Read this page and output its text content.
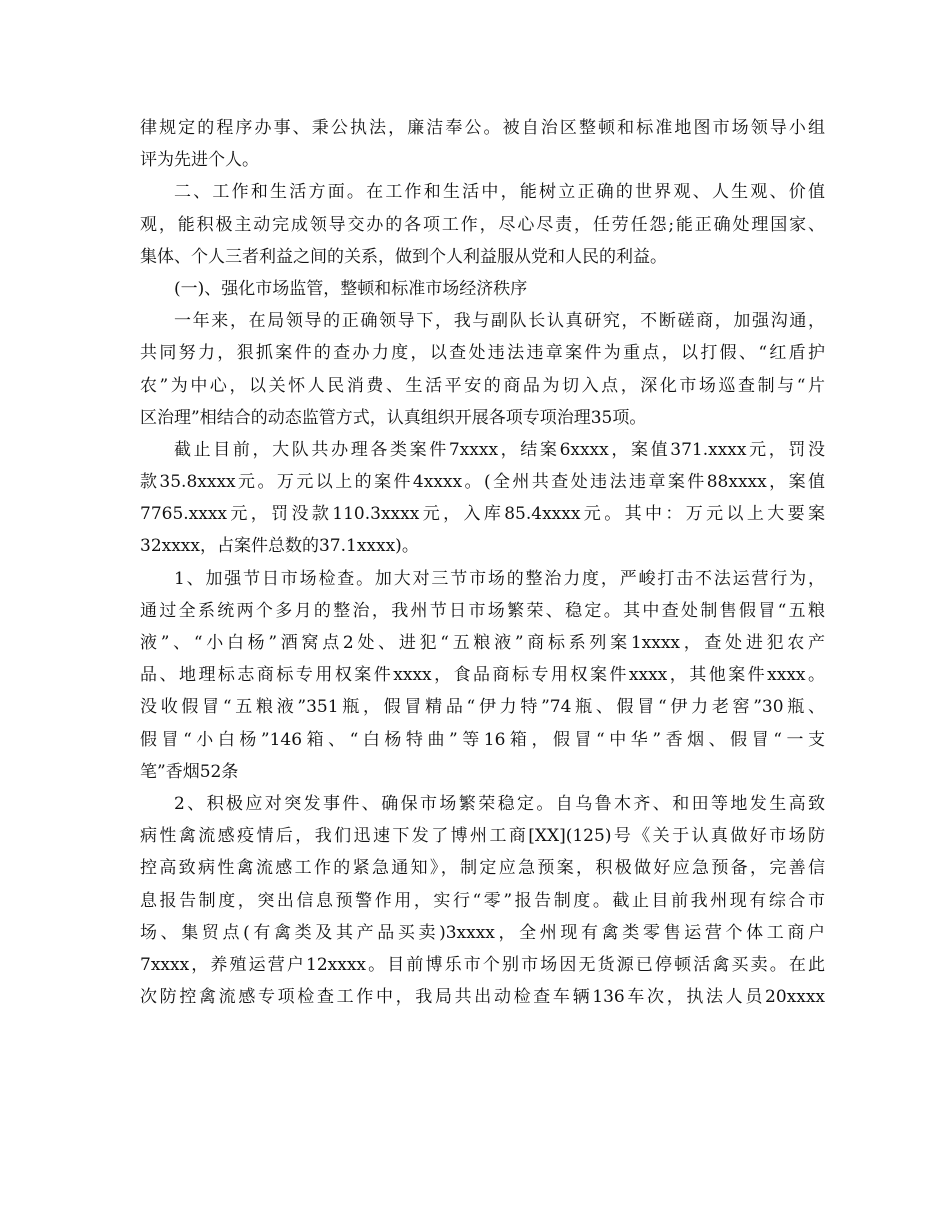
律规定的程序办事、秉公执法，廉洁奉公。被自治区整顿和标准地图市场领导小组
评为先进个人。
二、工作和生活方面。在工作和生活中，能树立正确的世界观、人生观、价值
观，能积极主动完成领导交办的各项工作，尽心尽责，任劳任怨;能正确处理国家、
集体、个人三者利益之间的关系，做到个人利益服从党和人民的利益。
(一)、强化市场监管，整顿和标准市场经济秩序
一年来，在局领导的正确领导下，我与副队长认真研究，不断磋商，加强沟通，
共同努力，狠抓案件的查办力度，以查处违法违章案件为重点，以打假、“红盾护
农”为中心，以关怀人民消费、生活平安的商品为切入点，深化市场巡查制与“片
区治理”相结合的动态监管方式，认真组织开展各项专项治理35项。
截止目前，大队共办理各类案件7xxxx，结案6xxxx，案值371.xxxx元，罚没
款35.8xxxx元。万元以上的案件4xxxx。(全州共查处违法违章案件88xxxx，案值
7765.xxxx元，罚没款110.3xxxx元，入库85.4xxxx元。其中：万元以上大要案
32xxxx，占案件总数的37.1xxxx)。
1、加强节日市场检查。加大对三节市场的整治力度，严峻打击不法运营行为，
通过全系统两个多月的整治，我州节日市场繁荣、稳定。其中查处制售假冒“五粮
液”、“小白杨”酒窝点2处、进犯“五粮液”商标系列案1xxxx，查处进犯农产
品、地理标志商标专用权案件xxxx，食品商标专用权案件xxxx，其他案件xxxx。
没收假冒“五粮液”351瓶，假冒精品“伊力特”74瓶、假冒“伊力老窖”30瓶、
假冒“小白杨”146箱、“白杨特曲”等16箱，假冒“中华”香烟、假冒“一支
笔”香烟52条
2、积极应对突发事件、确保市场繁荣稳定。自乌鲁木齐、和田等地发生高致
病性禽流感疫情后，我们迅速下发了博州工商[XX](125)号《关于认真做好市场防
控高致病性禽流感工作的紧急通知》，制定应急预案，积极做好应急预备，完善信
息报告制度，突出信息预警作用，实行“零”报告制度。截止目前我州现有综合市
场、集贸点(有禽类及其产品买卖)3xxxx，全州现有禽类零售运营个体工商户
7xxxx，养殖运营户12xxxx。目前博乐市个别市场因无货源已停顿活禽买卖。在此
次防控禽流感专项检查工作中，我局共出动检查车辆136车次，执法人员20xxxx
